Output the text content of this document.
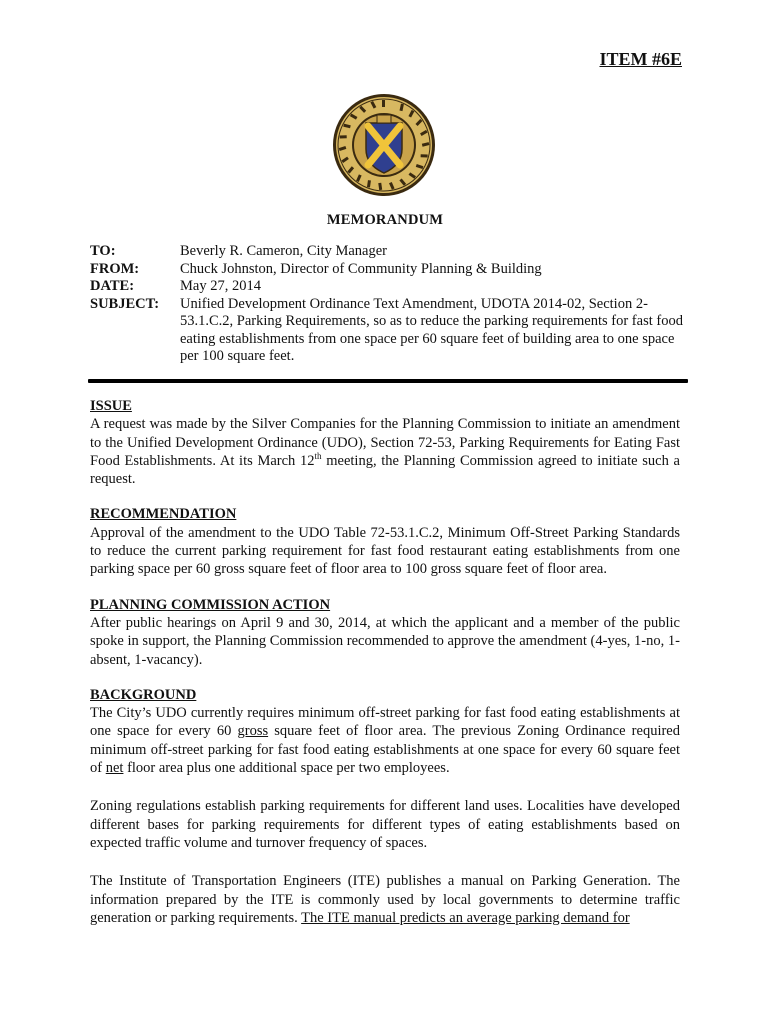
ITEM #6E
MEMORANDUM
TO:	Beverly R. Cameron, City Manager
FROM:	Chuck Johnston, Director of Community Planning & Building
DATE:	May 27, 2014
SUBJECT:	Unified Development Ordinance Text Amendment, UDOTA 2014-02, Section 2-53.1.C.2, Parking Requirements, so as to reduce the parking requirements for fast food eating establishments from one space per 60 square feet of building area to one space per 100 square feet.
ISSUE

A request was made by the Silver Companies for the Planning Commission to initiate an amendment to the Unified Development Ordinance (UDO), Section 72-53, Parking Requirements for Eating Fast Food Establishments. At its March 12th meeting, the Planning Commission agreed to initiate such a request.

RECOMMENDATION

Approval of the amendment to the UDO Table 72-53.1.C.2, Minimum Off-Street Parking Standards to reduce the current parking requirement for fast food restaurant eating establishments from one parking space per 60 gross square feet of floor area to 100 gross square feet of floor area.

PLANNING COMMISSION ACTION

After public hearings on April 9 and 30, 2014, at which the applicant and a member of the public spoke in support, the Planning Commission recommended to approve the amendment (4-yes, 1-no, 1-absent, 1-vacancy).

BACKGROUND

The City’s UDO currently requires minimum off-street parking for fast food eating establishments at one space for every 60 gross square feet of floor area. The previous Zoning Ordinance required minimum off-street parking for fast food eating establishments at one space for every 60 square feet of net floor area plus one additional space per two employees.

Zoning regulations establish parking requirements for different land uses. Localities have developed different bases for parking requirements for different types of eating establishments based on expected traffic volume and turnover frequency of spaces.

The Institute of Transportation Engineers (ITE) publishes a manual on Parking Generation. The information prepared by the ITE is commonly used by local governments to determine traffic generation or parking requirements. The ITE manual predicts an average parking demand for
